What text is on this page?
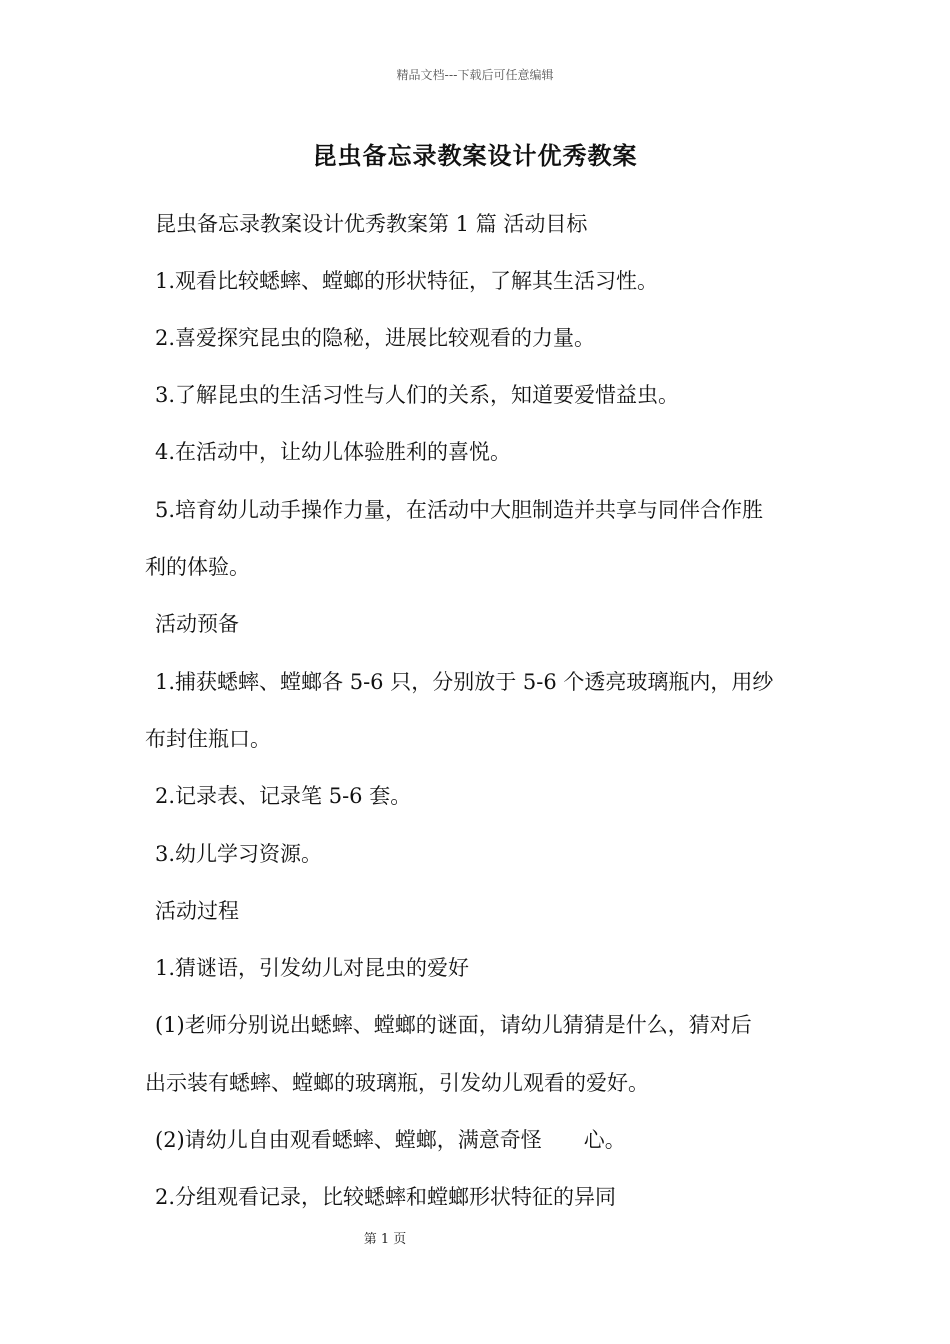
精品文档---下载后可任意编辑
昆虫备忘录教案设计优秀教案
昆虫备忘录教案设计优秀教案第 1 篇 活动目标
1.观看比较蟋蟀、螳螂的形状特征，了解其生活习性。
2.喜爱探究昆虫的隐秘，进展比较观看的力量。
3.了解昆虫的生活习性与人们的关系，知道要爱惜益虫。
4.在活动中，让幼儿体验胜利的喜悦。
5.培育幼儿动手操作力量，在活动中大胆制造并共享与同伴合作胜
利的体验。
活动预备
1.捕获蟋蟀、螳螂各 5-6 只，分别放于 5-6 个透亮玻璃瓶内，用纱
布封住瓶口。
2.记录表、记录笔 5-6 套。
3.幼儿学习资源。
活动过程
1.猜谜语，引发幼儿对昆虫的爱好
(1)老师分别说出蟋蟀、螳螂的谜面，请幼儿猜猜是什么，猜对后
出示装有蟋蟀、螳螂的玻璃瓶，引发幼儿观看的爱好。
(2)请幼儿自由观看蟋蟀、螳螂，满意奇怪　　心。
2.分组观看记录，比较蟋蟀和螳螂形状特征的异同
第 1 页
